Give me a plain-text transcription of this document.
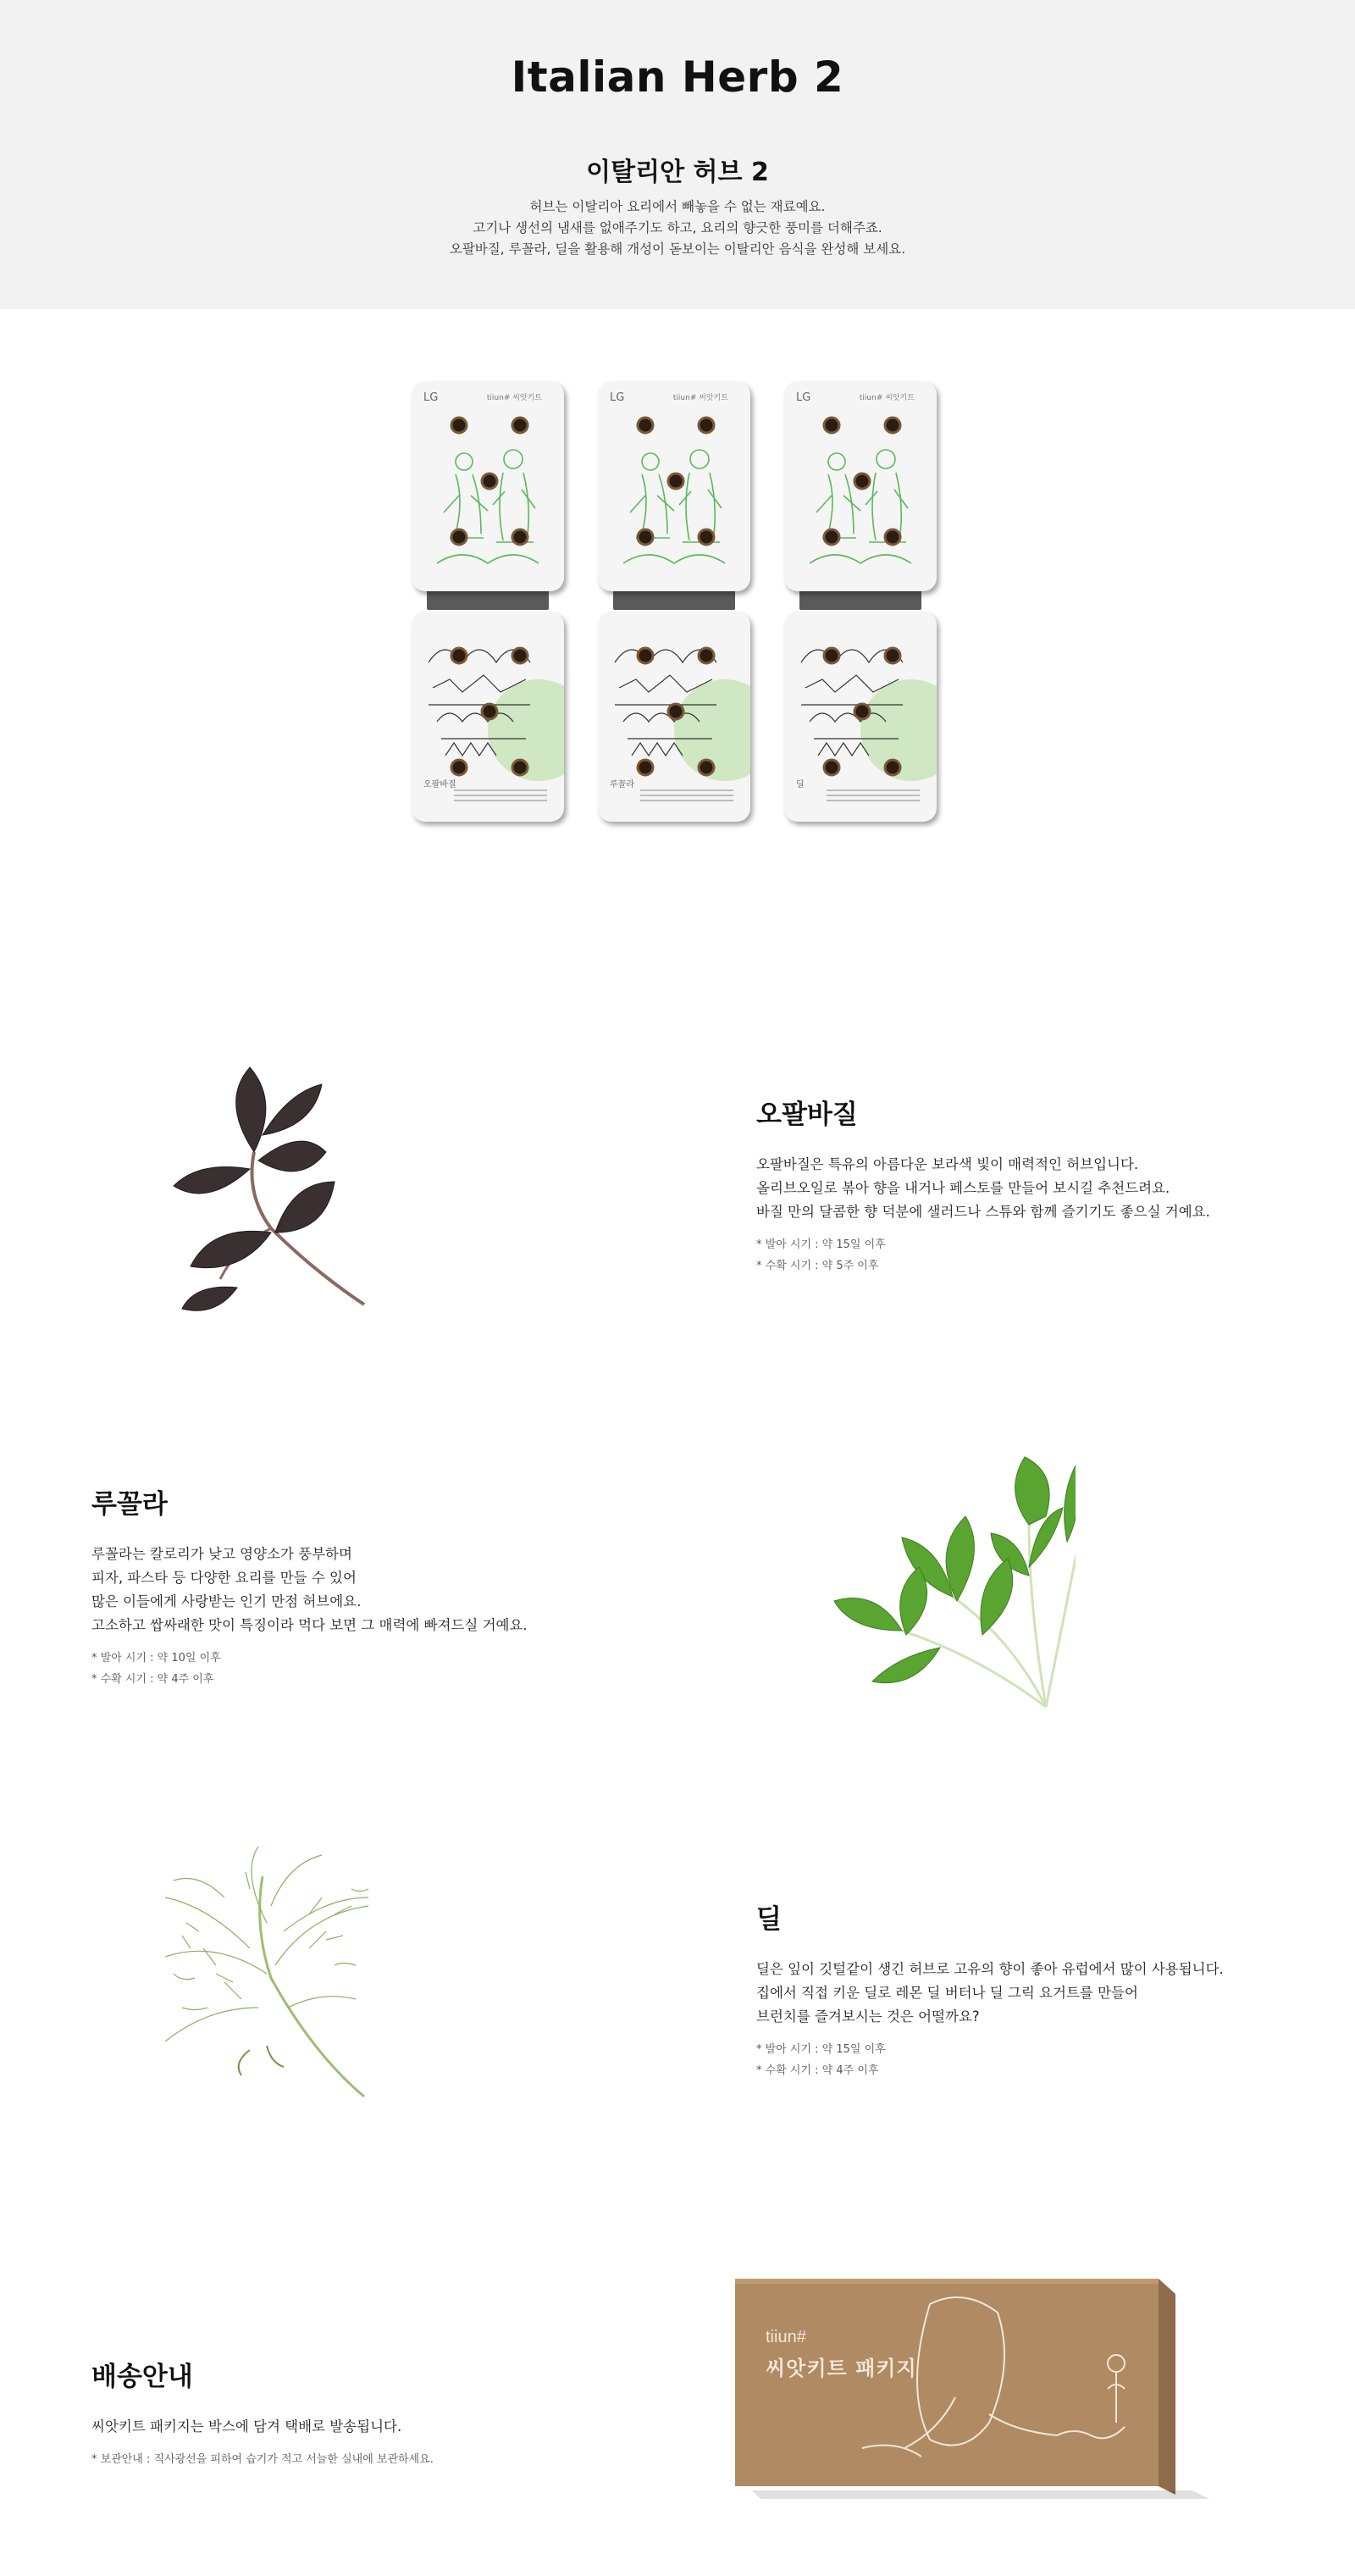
Italian Herb 2
이탈리안 허브 2

허브는 이탈리아 요리에서 빼놓을 수 없는 재료예요.
고기나 생선의 냄새를 없애주기도 하고, 요리의 향긋한 풍미를 더해주죠.
오팔바질, 루꼴라, 딜을 활용해 개성이 돋보이는 이탈리안 음식을 완성해 보세요.

LG	tiiun# 씨앗키트
오팔바질
LG	tiiun# 씨앗키트
루꼴라
LG	tiiun# 씨앗키트
딜
오팔바질

오팔바질은 특유의 아름다운 보라색 빛이 매력적인 허브입니다.
올리브오일로 볶아 향을 내거나 페스토를 만들어 보시길 추천드려요.
바질 만의 달콤한 향 덕분에 샐러드나 스튜와 함께 즐기기도 좋으실 거예요.

* 발아 시기 : 약 15일 이후
* 수확 시기 : 약 5주 이후

루꼴라

루꼴라는 칼로리가 낮고 영양소가 풍부하며
피자, 파스타 등 다양한 요리를 만들 수 있어
많은 이들에게 사랑받는 인기 만점 허브에요.
고소하고 쌉싸래한 맛이 특징이라 먹다 보면 그 매력에 빠져드실 거예요.

* 발아 시기 : 약 10일 이후
* 수확 시기 : 약 4주 이후

딜

딜은 잎이 깃털같이 생긴 허브로 고유의 향이 좋아 유럽에서 많이 사용됩니다.
집에서 직접 키운 딜로 레몬 딜 버터나 딜 그릭 요거트를 만들어
브런치를 즐겨보시는 것은 어떨까요?

* 발아 시기 : 약 15일 이후
* 수확 시기 : 약 4주 이후

배송안내

씨앗키트 패키지는 박스에 담겨 택배로 발송됩니다.

* 보관안내 : 직사광선을 피하여 습기가 적고 서늘한 실내에 보관하세요.

tiiun#
씨앗키트 패키지
